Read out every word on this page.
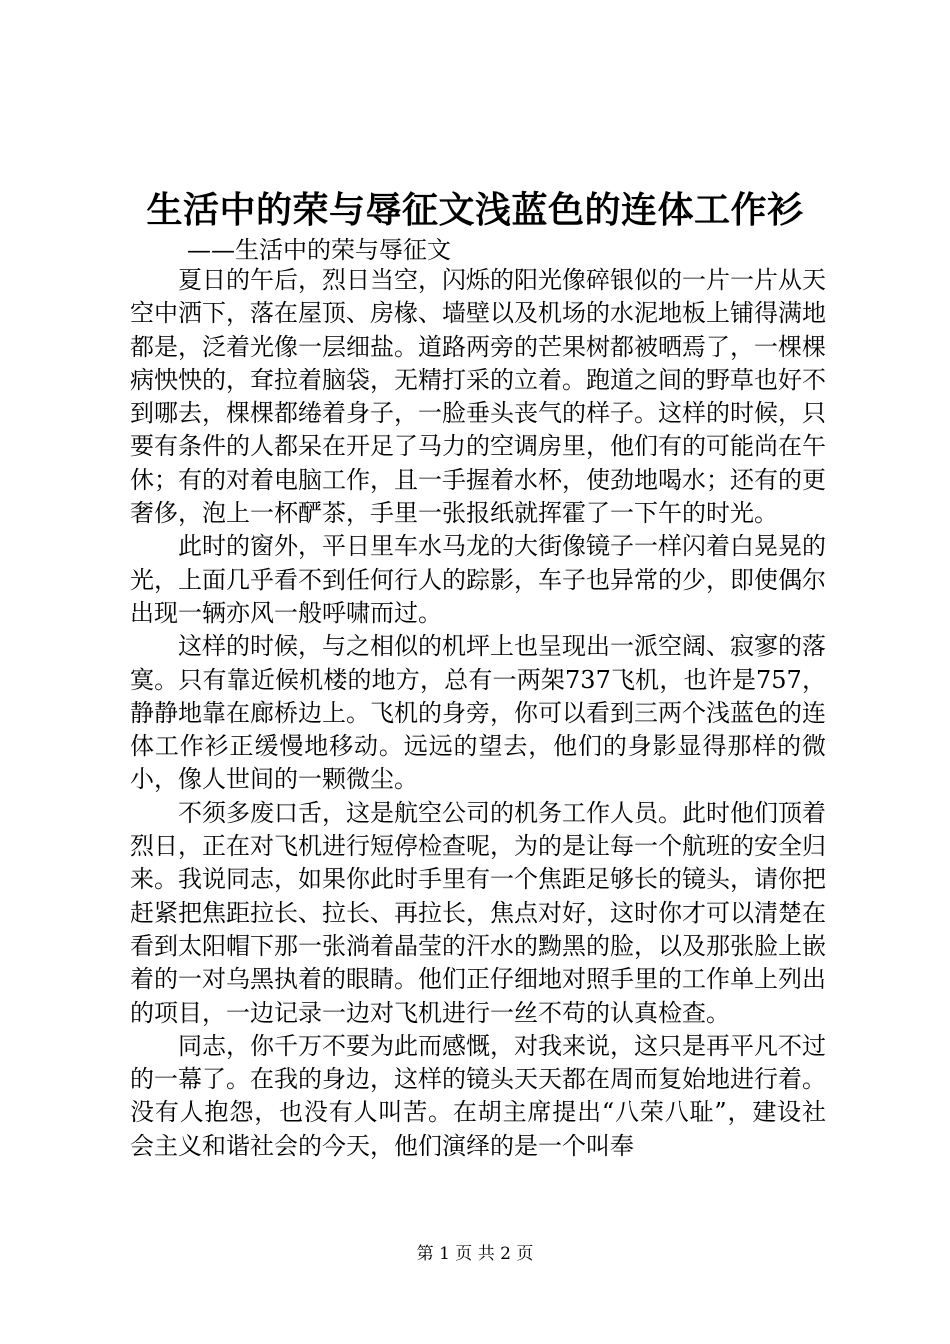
生活中的荣与辱征文浅蓝色的连体工作衫
——生活中的荣与辱征文

夏日的午后，烈日当空，闪烁的阳光像碎银似的一片一片从天空中洒下，落在屋顶、房椽、墙壁以及机场的水泥地板上铺得满地都是，泛着光像一层细盐。道路两旁的芒果树都被晒焉了，一棵棵病怏怏的，耷拉着脑袋，无精打采的立着。跑道之间的野草也好不到哪去，棵棵都绻着身子，一脸垂头丧气的样子。这样的时候，只要有条件的人都呆在开足了马力的空调房里，他们有的可能尚在午休；有的对着电脑工作，且一手握着水杯，使劲地喝水；还有的更奢侈，泡上一杯酽茶，手里一张报纸就挥霍了一下午的时光。

此时的窗外，平日里车水马龙的大街像镜子一样闪着白晃晃的光，上面几乎看不到任何行人的踪影，车子也异常的少，即使偶尔出现一辆亦风一般呼啸而过。

这样的时候，与之相似的机坪上也呈现出一派空阔、寂寥的落寞。只有靠近候机楼的地方，总有一两架737飞机，也许是757，静静地靠在廊桥边上。飞机的身旁，你可以看到三两个浅蓝色的连体工作衫正缓慢地移动。远远的望去，他们的身影显得那样的微小，像人世间的一颗微尘。

不须多废口舌，这是航空公司的机务工作人员。此时他们顶着烈日，正在对飞机进行短停检查呢，为的是让每一个航班的安全归来。我说同志，如果你此时手里有一个焦距足够长的镜头，请你把赶紧把焦距拉长、拉长、再拉长，焦点对好，这时你才可以清楚在看到太阳帽下那一张淌着晶莹的汗水的黝黑的脸，以及那张脸上嵌着的一对乌黑执着的眼睛。他们正仔细地对照手里的工作单上列出的项目，一边记录一边对飞机进行一丝不苟的认真检查。

同志，你千万不要为此而感慨，对我来说，这只是再平凡不过的一幕了。在我的身边，这样的镜头天天都在周而复始地进行着。没有人抱怨，也没有人叫苦。在胡主席提出“八荣八耻”，建设社会主义和谐社会的今天，他们演绎的是一个叫奉

第 1 页 共 2 页
